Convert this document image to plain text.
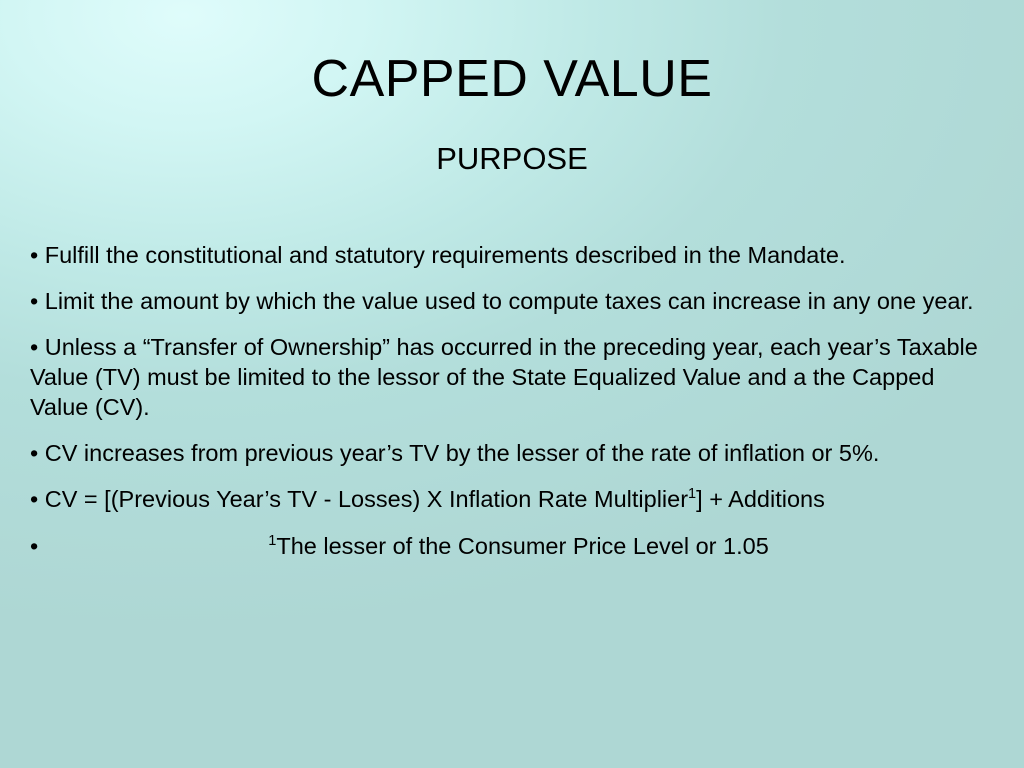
CAPPED VALUE
PURPOSE
• Fulfill the constitutional and statutory requirements described in the Mandate.
• Limit the amount by which the value used to compute taxes can increase in any one year.
• Unless a “Transfer of Ownership” has occurred in the preceding year, each year’s Taxable Value (TV) must be limited to the lessor of the State Equalized Value and a the Capped Value (CV).
• CV increases from previous year’s TV by the lesser of the rate of inflation or 5%.
• CV = [(Previous Year’s TV - Losses) X Inflation Rate Multiplier$^1$] + Additions
•	$^1$The lesser of the Consumer Price Level or 1.05
